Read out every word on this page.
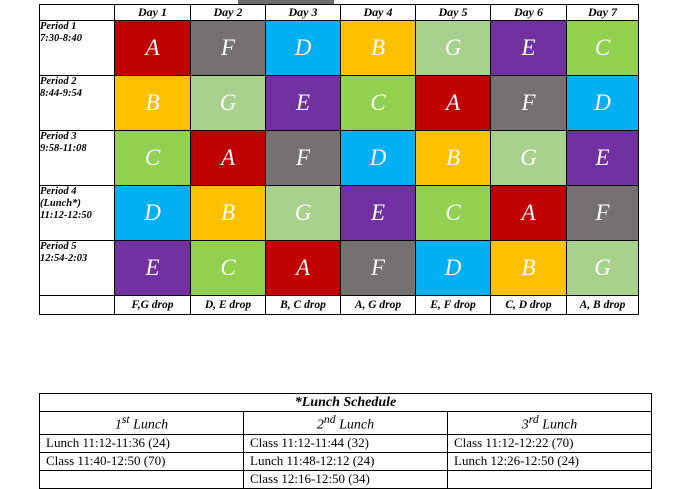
	Day 1	Day 2	Day 3	Day 4	Day 5	Day 6	Day 7

Period 1
7:30-8:40	A	F	D	B	G	E	C

Period 2
8:44-9:54	B	G	E	C	A	F	D

Period 3
9:58-11:08	C	A	F	D	B	G	E

Period 4
(Lunch*)
11:12-12:50	D	B	G	E	C	A	F

Period 5
12:54-2:03	E	C	A	F	D	B	G
	F,G drop	D, E drop	B, C drop	A, G drop	E, F drop	C, D drop	A, B drop
*Lunch Schedule		
1st Lunch	2nd Lunch	3rd Lunch
Lunch 11:12-11:36 (24)	Class 11:12-11:44 (32)	Class 11:12-12:22 (70)
Class 11:40-12:50 (70)	Lunch 11:48-12:12 (24)	Lunch 12:26-12:50 (24)
	Class 12:16-12:50 (34)	
